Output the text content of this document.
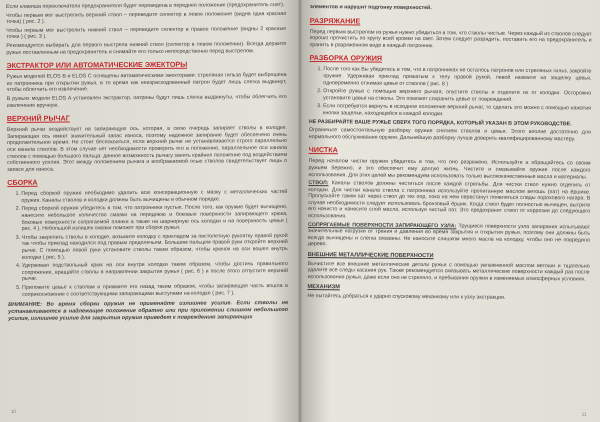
Если клавиша переключателя предохранителя будет переведена в переднее положение (предохранитель снят).

Чтобы первым мог выстрелить верхний ствол – переведите селектор в левое положение (видна одна красная точка) ( рис. 2 ).

Чтобы первым мог выстрелить нижний ствол – переведите селектор в правое положение (видны 2 красные точки ) ( рис. 3 ).

Рекомендуется выбирать для первого выстрела нижний ствол (селектор в левом положении). Всегда держите ружье поставленным на предохранитель и снимайте его только непосредственно перед выстрелом.

ЭКСТРАКТОР ИЛИ АВТОМАТИЧЕСКИЕ ЭЖЕКТОРЫ

Ружья моделей ELOS B и ELOS C оснащены автоматическими эжекторами: стреляная гильза будет выброшена из патронника при открытии ружья, в то время как неизрасходованный патрон будет лишь слегка выдвинут, чтобы облегчить его извлечение.

В ружьях модели ELOS A установлен экстрактор, патроны будут лишь слегка выдвинуты, чтобы облегчить его извлечение вручную.

ВЕРХНИЙ РЫЧАГ

Верхний рычаг воздействует на запирающую ось, которая, в свою очередь запирает стволы в колодке. Запирающая ось имеет значительный запас износа, поэтому надежное запирание будет обеспечено очень продолжительное время. Не стоит беспокоиться, если верхний рычаг не устанавливается строго параллельно оси канала стволов. В этом случае нет необходимости проверять его в положение, параллельное оси канала стволов с помощью большого пальца: данное возможность рычагу занять крайнее положение под воздействием собственного усилия. Этот между положением рычага и воображаемой осью стволов свидетельствует лишь о запасе для износа.

СБОРКА
1. Перед сборкой оружия необходимо удалить всю консервационную с мазку с металлических частей оружия. Каналы стволов и колодки должны быть вычищены в обычном порядке.
2. Перед сборкой оружия убедитесь в том, что патронники пустые. После того, как оружие будет вычищено, нанесите небольшое количество смазки на переднюю и боковые поверхности запирающего крюка, боковые поверхности сопрягаемой планки а также на шарнирную ось колодки и на поверхность цевья ( рис. 4 ). Небольшой излишек смазки поможет при сборке ружья.
3. Чтобы закрепить стволы в колодке, возьмите колодку с прикладом за пистолетную рукоятку правой рукой так чтобы приклад находился под правым предплечьем. Большим пальцем правой руки откройте верхний рычаг. С помощью левой руки установите стволы таким образом, чтобы крючок на оси вошел внутрь колодки ( рис. 5 ).
4. Удерживая подствольный крюк на оси внутри колодки таким образом, чтобы достичь правильного сопряжения, вращайте стволы в направлении закрытия ружья ( рис. 6 ) и после этого отпустите верхний рычаг.
5. Приложите цевье к стволам и прижмите его назад таким образом, чтобы запирающая часть вошла в соприкосновение с соответствующими запирающими выступами на колодке ( рис. 7 ).

ВНИМАНИЕ: Во время сборки оружия не применяйте излишнее усилие. Если стволы не устанавливаются в надлежащее положение обратно или при приложении слишком небольшого усилия, излишнее усилие для закрытия оружия приведет к повреждению запирающих

10

элементов и нарушит подгонку поверхностей.

РАЗРЯЖАНИЕ

Перед первым выстрелом из ружья нужно убедиться в том, что стволы чистые. Через каждый из стволов следует хорошо прочистить по крупу всей кромки на свет. Затем следует разрядить, поставить его на предохранитель и хранить в разряженном виде в каждый патронник.

РАЗБОРКА ОРУЖИЯ
1. После того как Вы убедитесь в том, что в патронниках не осталось патронов или стреляных гильз, закройте оружие. Удерживая приклад прижатым к телу правой рукой, левой нажмите на защелку цевья, одновременно отжимая цевье от стволов ( рис. 8 )
2. Откройте ружье с помощью верхнего рычага, опустите стволы и отделите их от колодки. Осторожно установите цевье на стволы. Это поможет сохранить цевье от повреждений.
3. Если потребуется вернуть в исходное положение верхний рычаг, то сделать это можно с помощью нажатия кнопки защелки, находящейся в каждой колодки.

НЕ РАЗБИРАЙТЕ ВАШЕ РУЖЬЕ СВЕРХ ТОГО ПОРЯДКА, КОТОРЫЙ УКАЗАН В ЭТОМ РУКОВОДСТВЕ.

Ограничьте самостоятельную разборку оружия снятием стволов и цевья. Этого вполне достаточно для нормального обслуживания оружия. Дальнейшую разборку лучше доверить квалифицированному мастеру.

ЧИСТКА

Перед началом чистки оружия убедитесь в том, что оно разряжено. Используйте и обращайтесь со своим ружьем бережно, и это обеспечит ему долгую жизнь. Чистите и смазывайте оружие после каждого использования. Для этих целей мы рекомендуем использовать только высококачественные масла и материалы.

СТВОЛ: Каналы стволов должны чиститься после каждой стрельбы. Для чистки ствол нужно отделить от колодки. Для чистки канала ствола с патронника используйте пропитанную маслом ветошь (пат) на ёршике. Пропускайте таким пат через ствол до тех пор, пока на нем перестанут появляться следы порохового нагара. В случае необходимости следует использовать бронзовый ёршик. Когда ствол будет полностью вычищен, вытрите его начисто и нанесите слой масла, используя чистый пат. Это предохранит ствол от коррозии до следующего использования.

СОПРЯГАЕМЫЕ ПОВЕРХНОСТИ ЗАПИРАЮЩЕГО УЗЛА: Трущиеся поверхности узла запирания испытывают значительные нагрузки от трения и давления во время закрытия и открытия ружья, поэтому они должны быть всегда вычищены и слегка смазаны. Не наносите слишком много масла на колодку, чтобы оно не повредило дерево.

ВНЕШНИЕ МЕТАЛЛИЧЕСКИЕ ПОВЕРХНОСТИ

Вычистите все внешние металлические детали ружья с помощью увлажненной маслом ветоши и тщательно удалите все следы касания рук. Также рекомендуется смазывать металлические поверхности каждый раз после использования ружья, даже если оно не стреляло, и пребывания оружия в изменяемых атмосферных условиях.

МЕХАНИЗМ

Не пытайтесь добраться к ударно спусковому механизму или к узлу экстракции.

11
